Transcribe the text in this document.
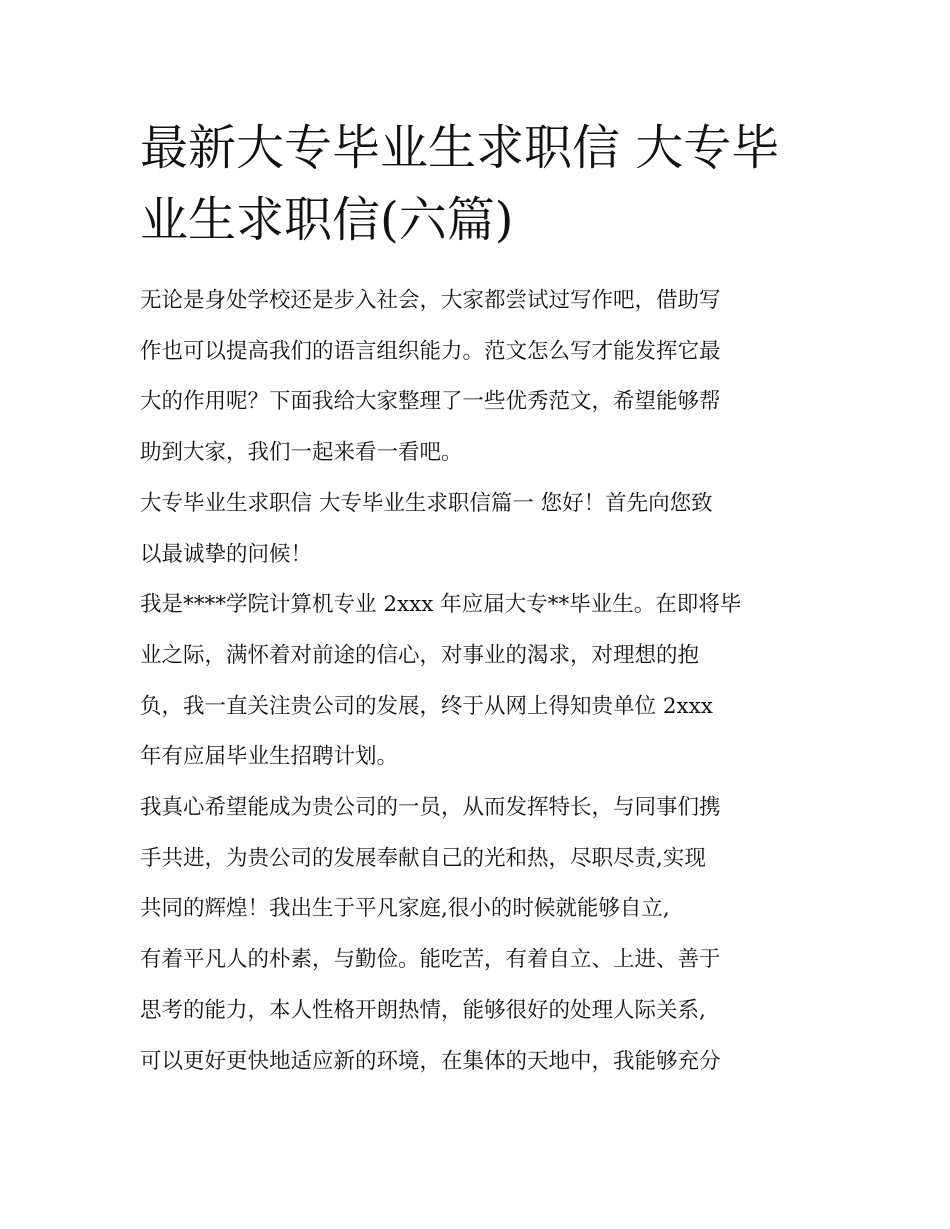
最新大专毕业生求职信 大专毕
业生求职信(六篇)

无论是身处学校还是步入社会，大家都尝试过写作吧，借助写
作也可以提高我们的语言组织能力。范文怎么写才能发挥它最
大的作用呢？下面我给大家整理了一些优秀范文，希望能够帮
助到大家，我们一起来看一看吧。

大专毕业生求职信 大专毕业生求职信篇一 您好！首先向您致
以最诚挚的问候！

我是****学院计算机专业 2xxx 年应届大专**毕业生。在即将毕
业之际，满怀着对前途的信心，对事业的渴求，对理想的抱
负，我一直关注贵公司的发展，终于从网上得知贵单位 2xxx
年有应届毕业生招聘计划。

我真心希望能成为贵公司的一员，从而发挥特长，与同事们携
手共进，为贵公司的发展奉献自己的光和热，尽职尽责,实现
共同的辉煌！我出生于平凡家庭,很小的时候就能够自立,

有着平凡人的朴素，与勤俭。能吃苦，有着自立、上进、善于
思考的能力，本人性格开朗热情，能够很好的处理人际关系,
可以更好更快地适应新的环境，在集体的天地中，我能够充分
